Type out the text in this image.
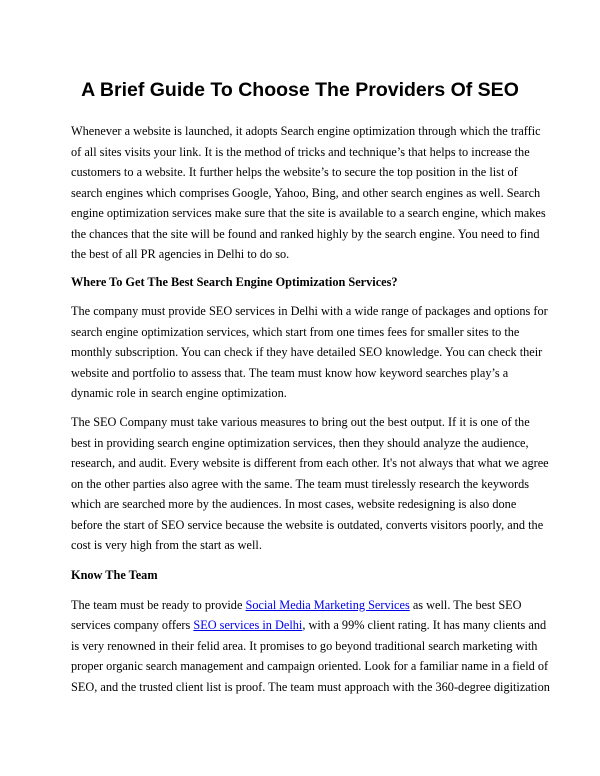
A Brief Guide To Choose The Providers Of SEO
Whenever a website is launched, it adopts Search engine optimization through which the traffic
of all sites visits your link. It is the method of tricks and technique’s that helps to increase the
customers to a website. It further helps the website’s to secure the top position in the list of
search engines which comprises Google, Yahoo, Bing, and other search engines as well. Search
engine optimization services make sure that the site is available to a search engine, which makes
the chances that the site will be found and ranked highly by the search engine. You need to find
the best of all PR agencies in Delhi to do so.
Where To Get The Best Search Engine Optimization Services?
The company must provide SEO services in Delhi with a wide range of packages and options for
search engine optimization services, which start from one times fees for smaller sites to the
monthly subscription. You can check if they have detailed SEO knowledge. You can check their
website and portfolio to assess that. The team must know how keyword searches play’s a
dynamic role in search engine optimization.
The SEO Company must take various measures to bring out the best output. If it is one of the
best in providing search engine optimization services, then they should analyze the audience,
research, and audit. Every website is different from each other. It's not always that what we agree
on the other parties also agree with the same. The team must tirelessly research the keywords
which are searched more by the audiences. In most cases, website redesigning is also done
before the start of SEO service because the website is outdated, converts visitors poorly, and the
cost is very high from the start as well.
Know The Team
The team must be ready to provide Social Media Marketing Services as well. The best SEO
services company offers SEO services in Delhi, with a 99% client rating. It has many clients and
is very renowned in their felid area. It promises to go beyond traditional search marketing with
proper organic search management and campaign oriented. Look for a familiar name in a field of
SEO, and the trusted client list is proof. The team must approach with the 360-degree digitization
